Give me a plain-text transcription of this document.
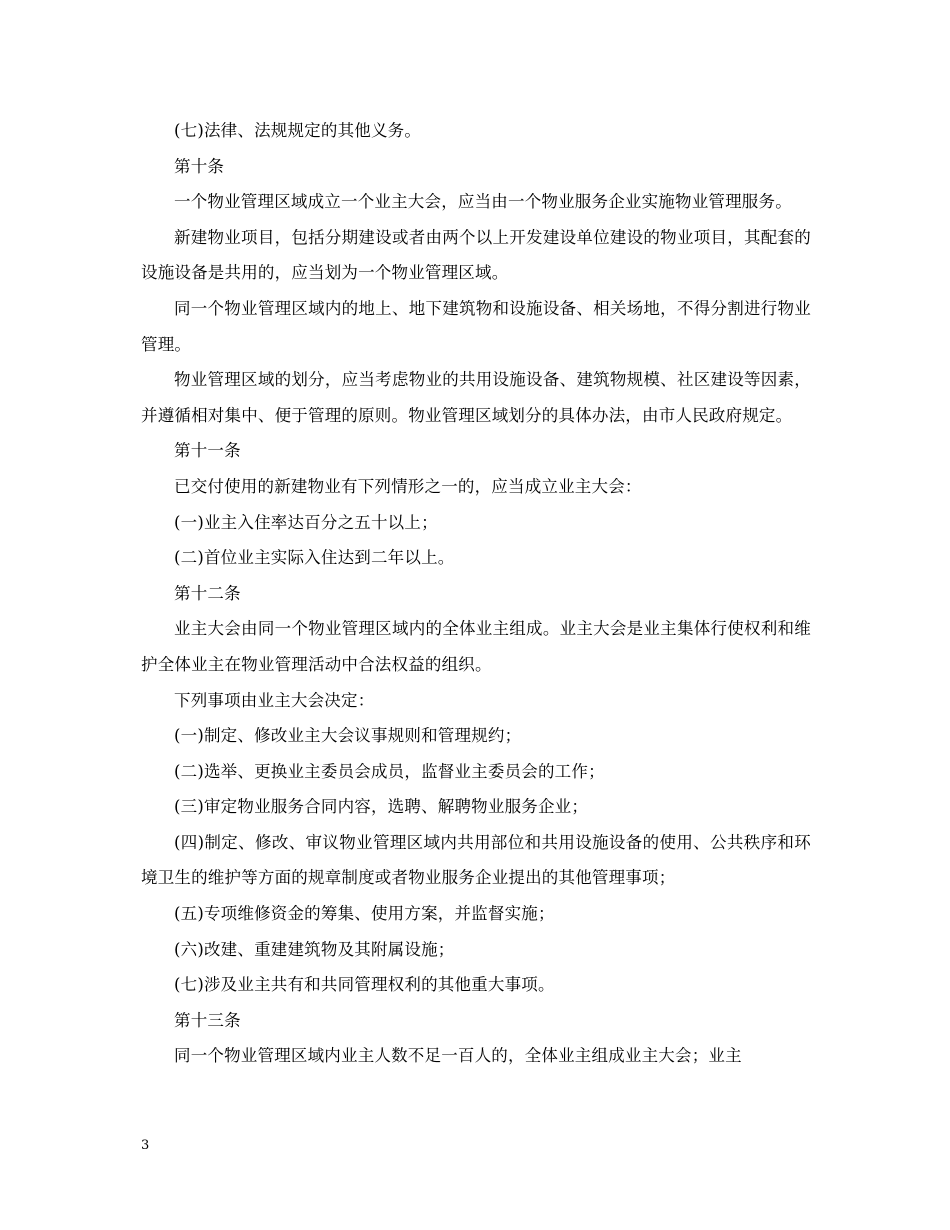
(七)法律、法规规定的其他义务。

第十条

一个物业管理区域成立一个业主大会，应当由一个物业服务企业实施物业管理服务。

新建物业项目，包括分期建设或者由两个以上开发建设单位建设的物业项目，其配套的设施设备是共用的，应当划为一个物业管理区域。

同一个物业管理区域内的地上、地下建筑物和设施设备、相关场地，不得分割进行物业管理。

物业管理区域的划分，应当考虑物业的共用设施设备、建筑物规模、社区建设等因素，并遵循相对集中、便于管理的原则。物业管理区域划分的具体办法，由市人民政府规定。

第十一条

已交付使用的新建物业有下列情形之一的，应当成立业主大会：

(一)业主入住率达百分之五十以上；

(二)首位业主实际入住达到二年以上。

第十二条

业主大会由同一个物业管理区域内的全体业主组成。业主大会是业主集体行使权利和维护全体业主在物业管理活动中合法权益的组织。

下列事项由业主大会决定：

(一)制定、修改业主大会议事规则和管理规约；

(二)选举、更换业主委员会成员，监督业主委员会的工作；

(三)审定物业服务合同内容，选聘、解聘物业服务企业；

(四)制定、修改、审议物业管理区域内共用部位和共用设施设备的使用、公共秩序和环境卫生的维护等方面的规章制度或者物业服务企业提出的其他管理事项；

(五)专项维修资金的筹集、使用方案，并监督实施；

(六)改建、重建建筑物及其附属设施；

(七)涉及业主共有和共同管理权利的其他重大事项。

第十三条

同一个物业管理区域内业主人数不足一百人的，全体业主组成业主大会；业主

3
